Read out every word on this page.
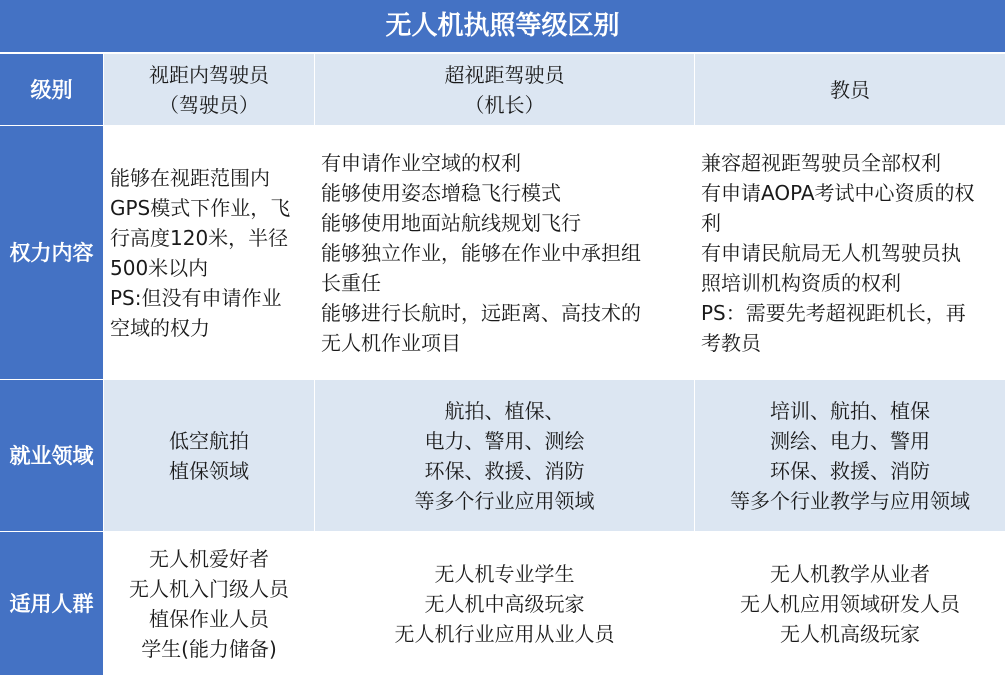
无人机执照等级区别
级别
视距内驾驶员
（驾驶员）
超视距驾驶员
（机长）
教员
权力内容
能够在视距范围内
GPS模式下作业，飞
行高度120米，半径
500米以内
PS:但没有申请作业
空域的权力
有申请作业空域的权利
能够使用姿态增稳飞行模式
能够使用地面站航线规划飞行
能够独立作业，能够在作业中承担组
长重任
能够进行长航时，远距离、高技术的
无人机作业项目
兼容超视距驾驶员全部权利
有申请AOPA考试中心资质的权
利
有申请民航局无人机驾驶员执
照培训机构资质的权利
PS：需要先考超视距机长，再
考教员
就业领域
低空航拍
植保领域
航拍、植保、
电力、警用、测绘
环保、救援、消防
等多个行业应用领域
培训、航拍、植保
测绘、电力、警用
环保、救援、消防
等多个行业教学与应用领域
适用人群
无人机爱好者
无人机入门级人员
植保作业人员
学生(能力储备)
无人机专业学生
无人机中高级玩家
无人机行业应用从业人员
无人机教学从业者
无人机应用领域研发人员
无人机高级玩家
